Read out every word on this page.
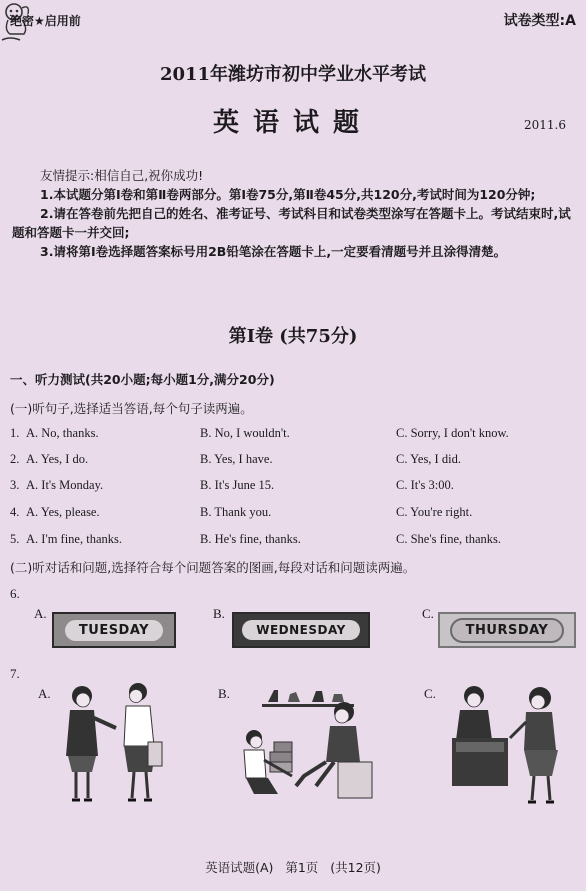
绝密★启用前	试卷类型:A
2011年潍坊市初中学业水平考试
英语试题	2011.6

友情提示:相信自己,祝你成功!

1.本试题分第Ⅰ卷和第Ⅱ卷两部分。第Ⅰ卷75分,第Ⅱ卷45分,共120分,考试时间为120分钟;

2.请在答卷前先把自己的姓名、准考证号、考试科目和试卷类型涂写在答题卡上。考试结束时,试题和答题卡一并交回;

3.请将第Ⅰ卷选择题答案标号用2B铅笔涂在答题卡上,一定要看清题号并且涂得清楚。

第Ⅰ卷 (共75分)
一、听力测试(共20小题;每小题1分,满分20分)
(一)听句子,选择适当答语,每个句子读两遍。
1. A. No, thanks.	B. No, I wouldn't.	C. Sorry, I don't know.
2. A. Yes, I do.	B. Yes, I have.	C. Yes, I did.
3. A. It's Monday.	B. It's June 15.	C. It's 3:00.
4. A. Yes, please.	B. Thank you.	C. You're right.
5. A. I'm fine, thanks.	B. He's fine, thanks.	C. She's fine, thanks.
(二)听对话和问题,选择符合每个问题答案的图画,每段对话和问题读两遍。
6.
A.
TUESDAY
B.
WEDNESDAY
C.
THURSDAY
7.
A.	B.	C.
英语试题(A) 第1页 (共12页)
